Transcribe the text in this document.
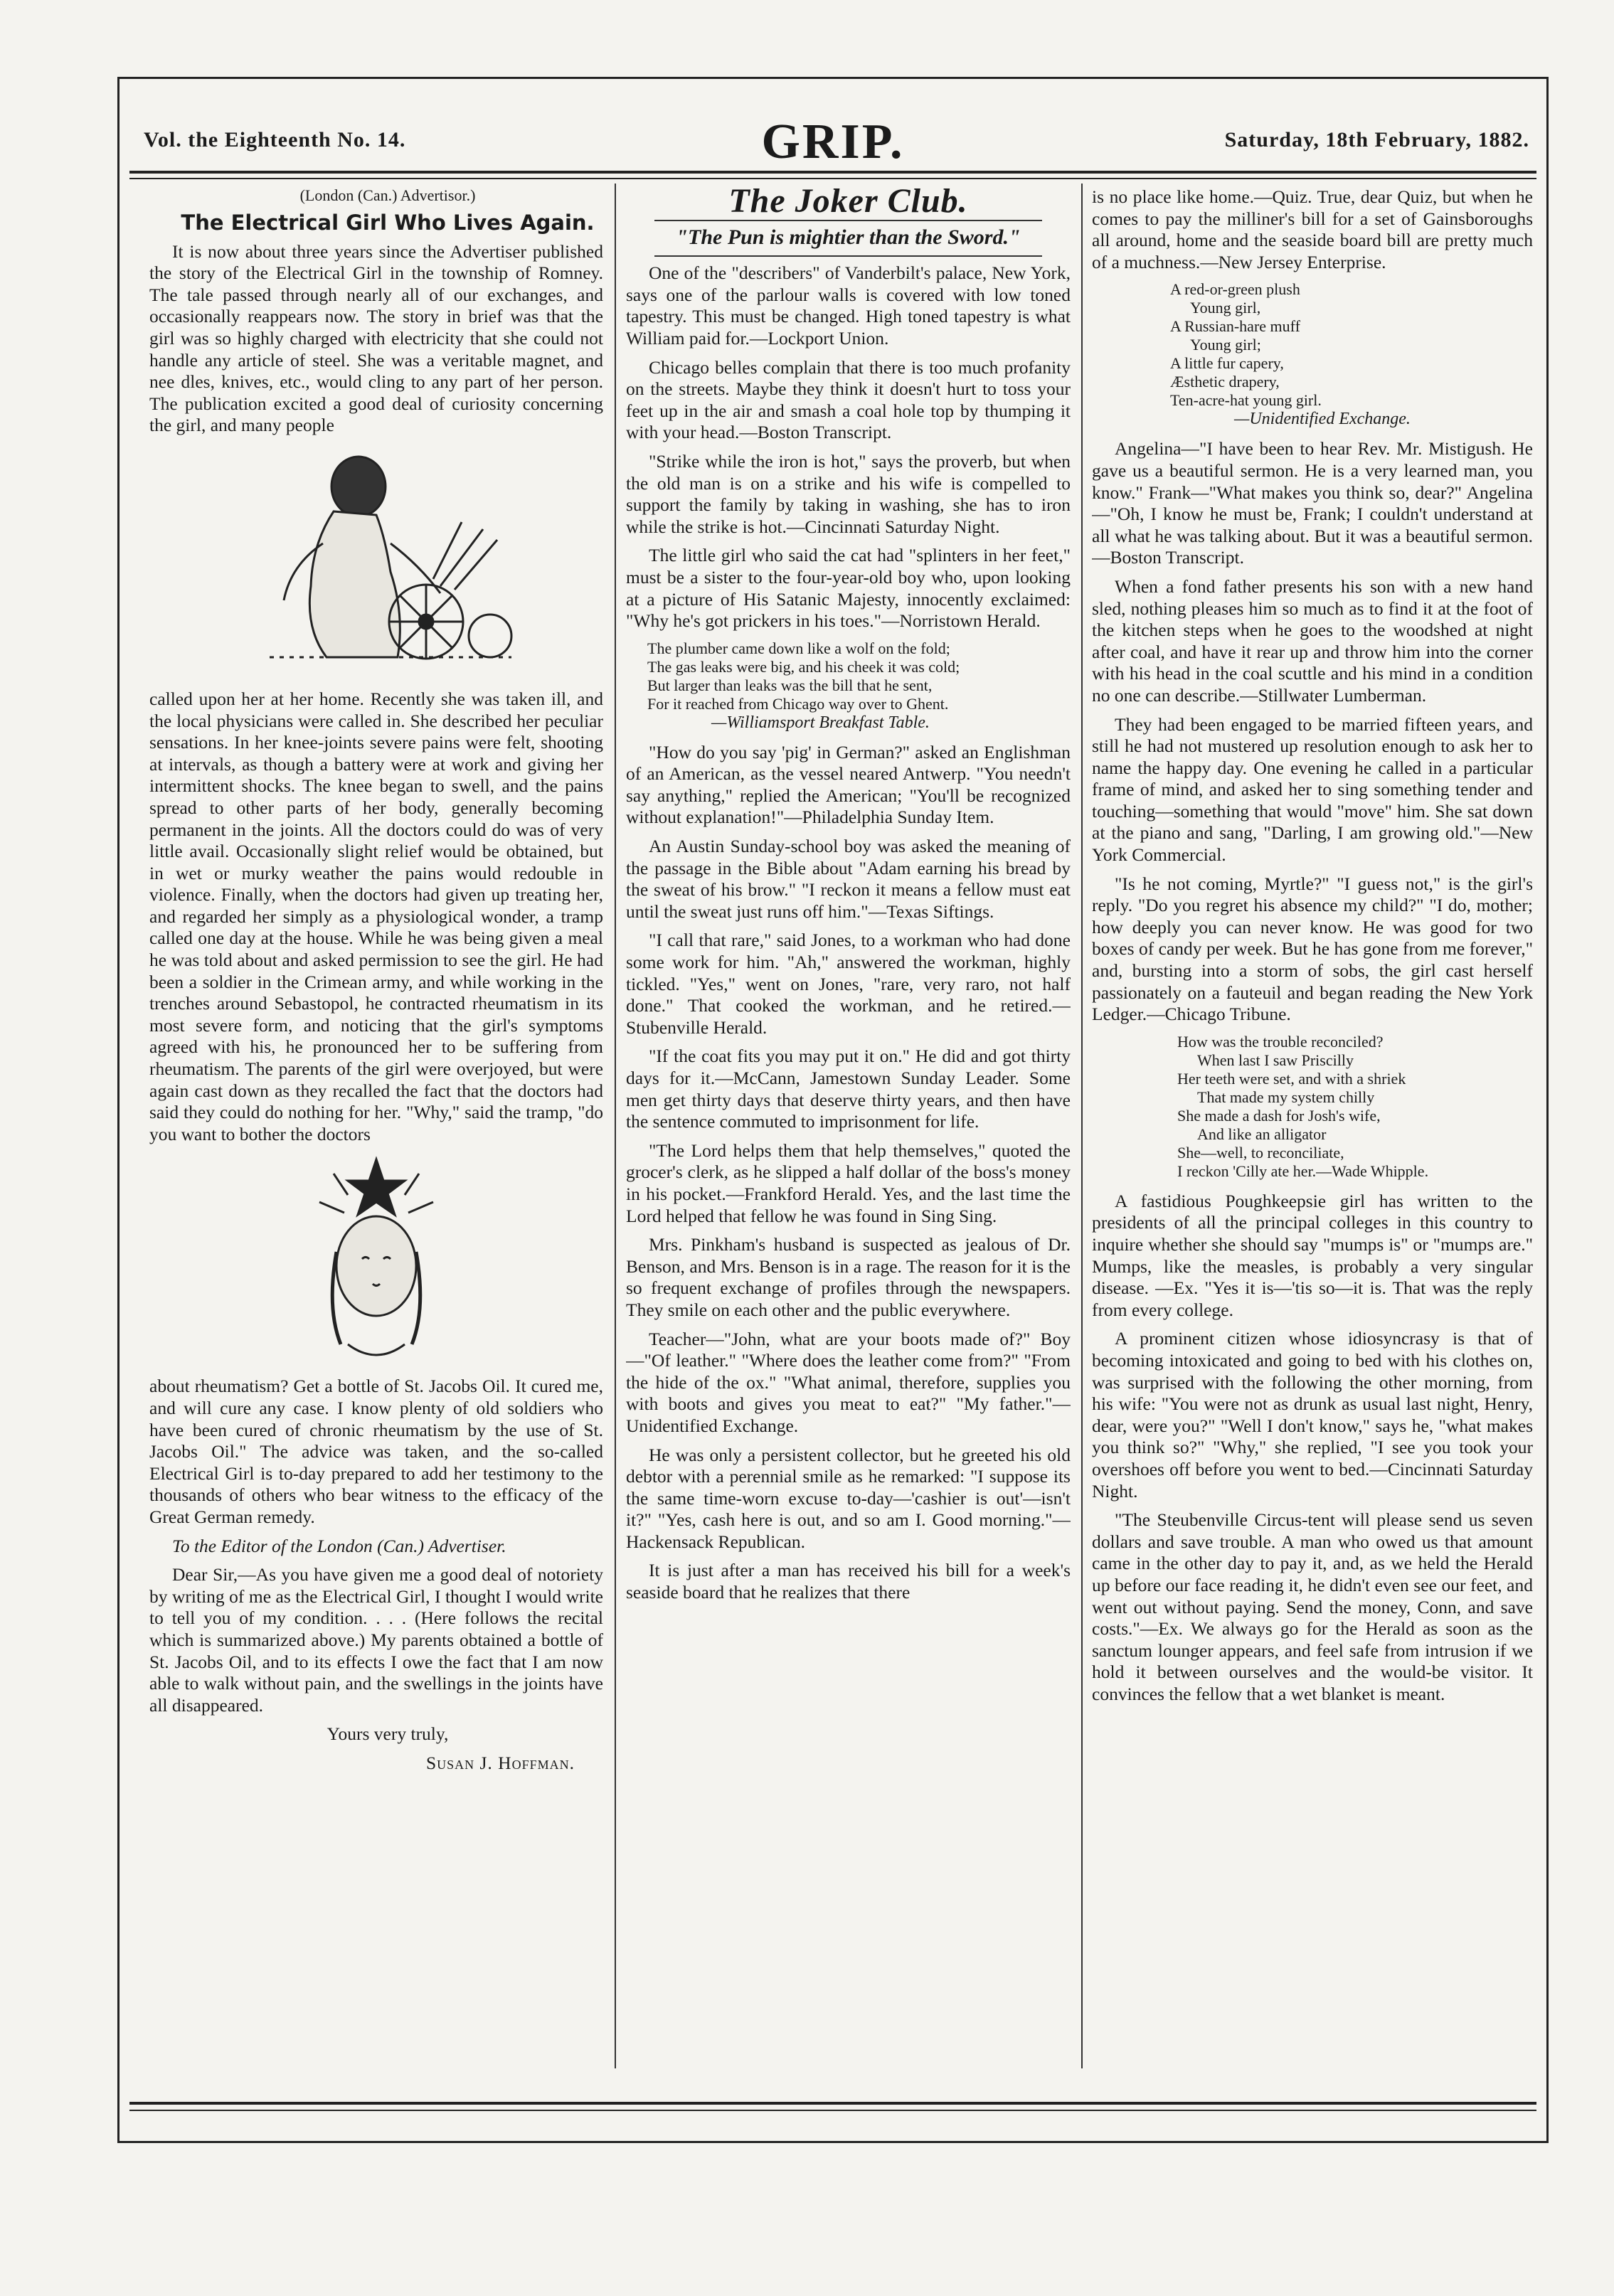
Vol. the Eighteenth No. 14.	GRIP.	Saturday, 18th February, 1882.

(London (Can.) Advertisor.)

The Electrical Girl Who Lives Again.

It is now about three years since the Advertiser published the story of the Electrical Girl in the township of Romney. The tale passed through nearly all of our exchanges, and occasionally reappears now. The story in brief was that the girl was so highly charged with electricity that she could not handle any article of steel. She was a veritable magnet, and nee dles, knives, etc., would cling to any part of her person. The publication excited a good deal of curiosity concerning the girl, and many people

called upon her at her home. Recently she was taken ill, and the local physicians were called in. She described her peculiar sensations. In her knee-joints severe pains were felt, shooting at intervals, as though a battery were at work and giving her intermittent shocks. The knee began to swell, and the pains spread to other parts of her body, generally becoming permanent in the joints. All the doctors could do was of very little avail. Occasionally slight relief would be obtained, but in wet or murky weather the pains would redouble in violence. Finally, when the doctors had given up treating her, and regarded her simply as a physiological wonder, a tramp called one day at the house. While he was being given a meal he was told about and asked permission to see the girl. He had been a soldier in the Crimean army, and while working in the trenches around Sebastopol, he contracted rheumatism in its most severe form, and noticing that the girl's symptoms agreed with his, he pronounced her to be suffering from rheumatism. The parents of the girl were overjoyed, but were again cast down as they recalled the fact that the doctors had said they could do nothing for her. "Why," said the tramp, "do you want to bother the doctors

about rheumatism? Get a bottle of St. Jacobs Oil. It cured me, and will cure any case. I know plenty of old soldiers who have been cured of chronic rheumatism by the use of St. Jacobs Oil." The advice was taken, and the so-called Electrical Girl is to-day prepared to add her testimony to the thousands of others who bear witness to the efficacy of the Great German remedy.

To the Editor of the London (Can.) Advertiser.

Dear Sir,—As you have given me a good deal of notoriety by writing of me as the Electrical Girl, I thought I would write to tell you of my condition. . . . (Here follows the recital which is summarized above.) My parents obtained a bottle of St. Jacobs Oil, and to its effects I owe the fact that I am now able to walk without pain, and the swellings in the joints have all disappeared.

Yours very truly,

Susan J. Hoffman.

The Joker Club.
"The Pun is mightier than the Sword."

One of the "describers" of Vanderbilt's palace, New York, says one of the parlour walls is covered with low toned tapestry. This must be changed. High toned tapestry is what William paid for.—Lockport Union.

Chicago belles complain that there is too much profanity on the streets. Maybe they think it doesn't hurt to toss your feet up in the air and smash a coal hole top by thumping it with your head.—Boston Transcript.

"Strike while the iron is hot," says the proverb, but when the old man is on a strike and his wife is compelled to support the family by taking in washing, she has to iron while the strike is hot.—Cincinnati Saturday Night.

The little girl who said the cat had "splinters in her feet," must be a sister to the four-year-old boy who, upon looking at a picture of His Satanic Majesty, innocently exclaimed: "Why he's got prickers in his toes."—Norristown Herald.

The plumber came down like a wolf on the fold;
The gas leaks were big, and his cheek it was cold;
But larger than leaks was the bill that he sent,
For it reached from Chicago way over to Ghent.
—Williamsport Breakfast Table.

"How do you say 'pig' in German?" asked an Englishman of an American, as the vessel neared Antwerp. "You needn't say anything," replied the American; "You'll be recognized without explanation!"—Philadelphia Sunday Item.

An Austin Sunday-school boy was asked the meaning of the passage in the Bible about "Adam earning his bread by the sweat of his brow." "I reckon it means a fellow must eat until the sweat just runs off him."—Texas Siftings.

"I call that rare," said Jones, to a workman who had done some work for him. "Ah," answered the workman, highly tickled. "Yes," went on Jones, "rare, very raro, not half done." That cooked the workman, and he retired.—Stubenville Herald.

"If the coat fits you may put it on." He did and got thirty days for it.—McCann, Jamestown Sunday Leader. Some men get thirty days that deserve thirty years, and then have the sentence commuted to imprisonment for life.

"The Lord helps them that help themselves," quoted the grocer's clerk, as he slipped a half dollar of the boss's money in his pocket.—Frankford Herald. Yes, and the last time the Lord helped that fellow he was found in Sing Sing.

Mrs. Pinkham's husband is suspected as jealous of Dr. Benson, and Mrs. Benson is in a rage. The reason for it is the so frequent exchange of profiles through the newspapers. They smile on each other and the public everywhere.

Teacher—"John, what are your boots made of?" Boy—"Of leather." "Where does the leather come from?" "From the hide of the ox." "What animal, therefore, supplies you with boots and gives you meat to eat?" "My father."—Unidentified Exchange.

He was only a persistent collector, but he greeted his old debtor with a perennial smile as he remarked: "I suppose its the same time-worn excuse to-day—'cashier is out'—isn't it?" "Yes, cash here is out, and so am I. Good morning."—Hackensack Republican.

It is just after a man has received his bill for a week's seaside board that he realizes that there

is no place like home.—Quiz. True, dear Quiz, but when he comes to pay the milliner's bill for a set of Gainsboroughs all around, home and the seaside board bill are pretty much of a muchness.—New Jersey Enterprise.

A red-or-green plush
Young girl,
A Russian-hare muff
Young girl;
A little fur capery,
Æsthetic drapery,
Ten-acre-hat young girl.
—Unidentified Exchange.

Angelina—"I have been to hear Rev. Mr. Mistigush. He gave us a beautiful sermon. He is a very learned man, you know." Frank—"What makes you think so, dear?" Angelina—"Oh, I know he must be, Frank; I couldn't understand at all what he was talking about. But it was a beautiful sermon.—Boston Transcript.

When a fond father presents his son with a new hand sled, nothing pleases him so much as to find it at the foot of the kitchen steps when he goes to the woodshed at night after coal, and have it rear up and throw him into the corner with his head in the coal scuttle and his mind in a condition no one can describe.—Stillwater Lumberman.

They had been engaged to be married fifteen years, and still he had not mustered up resolution enough to ask her to name the happy day. One evening he called in a particular frame of mind, and asked her to sing something tender and touching—something that would "move" him. She sat down at the piano and sang, "Darling, I am growing old."—New York Commercial.

"Is he not coming, Myrtle?" "I guess not," is the girl's reply. "Do you regret his absence my child?" "I do, mother; how deeply you can never know. He was good for two boxes of candy per week. But he has gone from me forever," and, bursting into a storm of sobs, the girl cast herself passionately on a fauteuil and began reading the New York Ledger.—Chicago Tribune.

How was the trouble reconciled?
When last I saw Priscilly
Her teeth were set, and with a shriek
That made my system chilly
She made a dash for Josh's wife,
And like an alligator
She—well, to reconciliate,
I reckon 'Cilly ate her.—Wade Whipple.

A fastidious Poughkeepsie girl has written to the presidents of all the principal colleges in this country to inquire whether she should say "mumps is" or "mumps are." Mumps, like the measles, is probably a very singular disease. —Ex. "Yes it is—'tis so—it is. That was the reply from every college.

A prominent citizen whose idiosyncrasy is that of becoming intoxicated and going to bed with his clothes on, was surprised with the following the other morning, from his wife: "You were not as drunk as usual last night, Henry, dear, were you?" "Well I don't know," says he, "what makes you think so?" "Why," she replied, "I see you took your overshoes off before you went to bed.—Cincinnati Saturday Night.

"The Steubenville Circus-tent will please send us seven dollars and save trouble. A man who owed us that amount came in the other day to pay it, and, as we held the Herald up before our face reading it, he didn't even see our feet, and went out without paying. Send the money, Conn, and save costs."—Ex. We always go for the Herald as soon as the sanctum lounger appears, and feel safe from intrusion if we hold it between ourselves and the would-be visitor. It convinces the fellow that a wet blanket is meant.
